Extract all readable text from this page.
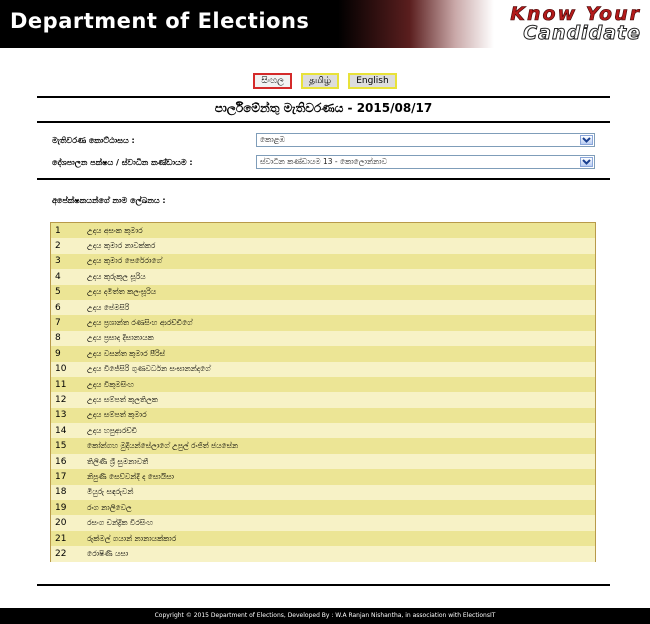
Department of Elections	Know Your
Candidate
සිංහල	தமிழ்	English
පාර්ලිමේන්තු මැතිවරණය - 2015/08/17
මැතිවරණ කොට්ඨාසය :	කොළඹ
දේශපාලන පක්ෂය / ස්වාධීන කණ්ඩායම :	ස්වාධීන කණ්ඩායම 13 - කොලොන්නාව
අපේක්ෂකයන්ගේ නාම ලේඛනය :
1	උදය අසංක කුමාර
2	උදය කුමාර නාවක්කර
3	උදය කුමාර පෙරේරාගේ
4	උදය කුරුකුල සූරිය
5	උදය දමිත්ත කලංසූරිය
6	උදය පේමසිරි
7	උදය ප්‍රශාන්ත රණසිංහ ආරච්චිගේ
8	උදය ප්‍රසාද දිසානායක
9	උදය වසන්ත කුමාර පීරිස්
10	උදය විජේසිරි ගුණවර්ධන සංඝානන්දගේ
11	උදය විකුමසිංහ
12	උදය සම්පත් කුලතිලක
13	උදය සම්පත් කුමාර
14	උදය හපුආරච්චි
15	කෝන්ගහ මුදියන්සේලාගේ උපුල් රංජිත් ජයසේන
16	තිලිණි ශ්‍රී සුමනාවතී
17	නිපුණි සෙව්වන්දි ද සොයිසා
18	මියුරු සඳරුවන්
19	රංග නාලිවෙල
20	රසංග චන්ද්‍රික වීරසිංහ
21	රුක්මල් ගයාන් නානායක්කාර
22	රොෂිණි යසා
Copyright © 2015 Department of Elections, Developed By : W.A Ranjan Nishantha, in association with ElectionsIT
